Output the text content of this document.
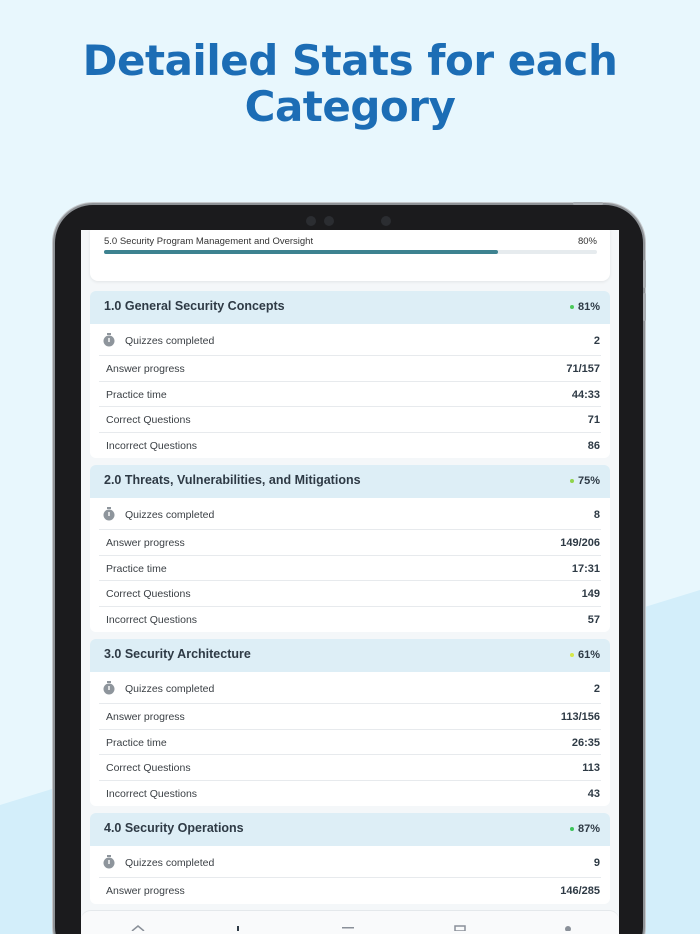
Detailed Stats for each
Category
5.0 Security Program Management and Oversight	80%
1.0 General Security Concepts	81%
Quizzes completed	2
Answer progress	71/157
Practice time	44:33
Correct Questions	71
Incorrect Questions	86
2.0 Threats, Vulnerabilities, and Mitigations	75%
Quizzes completed	8
Answer progress	149/206
Practice time	17:31
Correct Questions	149
Incorrect Questions	57
3.0 Security Architecture	61%
Quizzes completed	2
Answer progress	113/156
Practice time	26:35
Correct Questions	113
Incorrect Questions	43
4.0 Security Operations	87%
Quizzes completed	9
Answer progress	146/285
